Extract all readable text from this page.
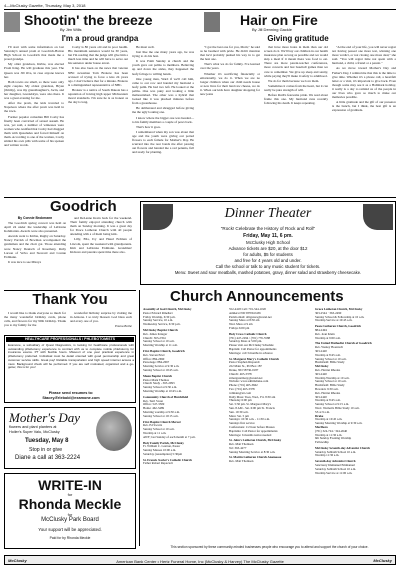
4—McClusky Gazette, Thursday, May 3, 2018
Shootin' the breeze
By Jim Wills
I'm a proud grandpa

I'll start with some information on last Saturday's annual prom at Goodrich-Hatton High School in Goodrich that made me a proud grandpa.

My older grandson, Kirbie, was elected Prom King. He will graduate this year. The Queen was Jill Ova, in case anyone knows her.

Both towns are small, so there were only eight couples. My oldest grandson, Bryan (Jimmy), was my granddaughter's, Jacin, and her daughter, Gwendalyn, were also there. It was a great evening for me.

After the prom, the kids traveled to Napoleon where the after prom was held in the town.

Former popular comedian Bill Cosby has finally been convicted of sexual assault. He was, yet said, a number of witnesses were women who testified that Cosby had drugged them with Quaaludes and forced himself on them. According to one of the women, Cosby smiled his own pills with some of his spoken and written words.

Cosby is 80 years old and in poor health. His maximum sentence would be 30 years, but I'm reading that the judge will give him a much less time and he will have to serve out his sentence under house arrest.

It has also been on the news that veteran NBC newsman Tom Brokaw has been accused of trying to force a kiss 24 years ago. I don't believe that for a minute. Brokaw is a distinguished representative of NBC.

Brokaw is a native of South Dakota has a reputation of having high upper Midwestern moral standards. I'm sure he is as honest as the day is long.

He must well.

Just like me one many years ago, he was trying to do his best.

It was Palm Sunday at church and the youth gave out palms to members. Believing up and down the aisles, they happened the leafy foliage to willing hands.

One young man, Ward if we'll call him, came to our row and handed my husband a leafy palm. He had two left. He looked at the palms. One was puny and looking a little malnourished. The other was a hybrid that looked like it was plucked minutes before from a greenhouse.

He deliberated and shrugged before giving me the ugly looking one.

I know where the bigger one was headed—to his family members a couple of pews back.

That's how it goes.

I remembered when my son was about that age and the youth were giving out potted flowers to each female for Mother's Day. He scurried into the rear bonds me after passing out flowers and handed me a red petunia, full and ready for planting.

Hair on Fire
By Jill Denning Gackle
Giving gratitude

"I got the best one for you, Mom," he said as he beamed with pride. He didn't mention that he'd probably pushed his way in to get the best one.

That's what we do for family. I've learned over the years.

Whether it's sacrificing financially or emotionally, we do it. When we are no longer children when our child needs house or new lives for their land raw cheese, we do it. When our kids have daughter shopping for new jeans

that have more holes in them than our old screen do it. We'll buy our children in our health insurance plan as long as possible and we would skip a meal if it meant there was food to eat. There are more parent-teacher conferences, more concerts and last baseball games than we care to remember. We give up sleep and sanity, while paying they'll make it safely to adulthood.

We do for them because we love them.

Sometimes it comes from the heart, but it can really be pure strength of will.

Before Ruth's fearsome pride. We read about frame this one. My husband runs recently following his death. It keeps repeating.

"At the end of your life, you will never regret not having passed one more test, winning one more verdict, or not closing one more deal," she said. "You will regret time not spent with a husband, a child, a friend or a parent."

As we move toward Mother's Day and Father's Day, I remind me that this is the time to give time. Whether it's a phone call, a heartfelt letter or a visit, it's important to give back. Even though some may see it as a Hallmark holiday, it really is a day to remind us of the people in our lives who gave so much to make our memories possible.

A little gratitude and the gift of our presence is the bunch, but I think, the best gift is an expression of gratitude.

Goodrich
By Connie Brokmann

The Goodrich spring concert was held on April 24 under the leadership of LaDonna Kohmarian. Awards were also presented.

Awards went to Kirbie, Rugby on Saturday. Nancy Parrish of Bowman accompanied the gentleman and the choir got. Those attending were Nancy Deutsch of Rosemary, Ruby Larson of Velva and Steward and Connie Erdmann.

It was nice to see Mireya

and DeLanne Krein back for the weekend. Their family enjoyed attending church with them on Sunday morning. It was a great day for Peace Lutheran Church with all people attending with a of them being kids.

Lilly, Ella, Ivy and Hazel Erdman of Lincoln, spent the weekend with grandparents. Kim and LaDonna Erdmann. Grandmas' Kidsave and parents spent time there also.

Dinner Theater
"Rock! Celebrate the History of Rock and Roll"
Friday, May 11, 6 pm.
McClusky High School
Advance tickets are $20, at the door $12
for adults, $5 for students
and free for 4 years old and under.
Call the school or talk to any music student for tickets.
Menu: Sweet and sour meatballs, mashed potatoes, gravy, dinner salad and strawberry cheesecake.
Thank You

I would like to thank everyone so much for the many wonderful birthday cards, phone calls, and flowers for my 90th birthday. Thank you to my family for the

wonderful birthday surprise by visiting me in Arizona. I so truly blessed. God bless each and every one of you.

Emma Bothe
HEALTHCARE PROFESSIONALS / PHLEBOTOMISTS
Examone, a subsidiary of Quest Diagnostics, is looking for healthcare professionals with outstanding phlebotomy experience to contract with us to complete mobile phlebotomy for insurance exams. PT with flexible hours. Missouri of one year practical experience in phlebotomy preferred. Individual must be detail oriented with good penmanship and great customer service skills. Great pay! Reliable transportation and high speed internet access a must. Background check will be performed. If you are self motivated, organized and a go-getter, this is for you!
Please send resumes to:
Stacey.Erlebold@examone.com
Mother's Day
flowers and plant planters at
Hoiler's Super Valu, McClusky
Tuesday, May 8
Stop in or give
Diane a call at 363-2224
WRITE-IN
for
Rhonda Meckle
for
McClusky Park Board
Your support will be appreciated.
Paid for by Rhonda Meckle
Church Announcements
Assembly of God Church, McClusky
Pastor Edward Rinehart
Friday Worship, 6:30 p.m.
Sunday Service, 10 a.m.
Wednesday Service, 6:30 p.m.
McClusky Baptist Church
Rev. James Krieger
Church: 363-2354
Sunday School at 10 a.m.
Morning Worship at 11 a.m.
First Baptist Church, Goodrich
Rev. Steven Ertel
Office: 884-2690
Parsonage: 884-2667
Morning Service at 9:30 a.m.
Sunday School at 10:45 a.m.
Mann Baptist Church
Pastor Mark Thomas
Church Study - 363-2993
Sunday School at 9:30 a.m.
Morning Worship at 10:45 a.m.
Community Church of Hurdsfield
Rev. Terri Swan
Office: 547-3309
Home: 462-3489
Morning worship at 9:30 a.m.
Sunday School at 10:15 a.m.
First Baptist Church Mercer
Rev. Ed Swartz
Sunday School at 10 a.m.
Worship at 11 a.m.
AWF; last Sunday of each month at 7 p.m.
Holy Family Parish, McClusky
Fr. William C. Gratton, Pastor
Sunday Masses 10:00 a.m.
Saturday (Assumption) 5:30pm
St. Francis Xavier's Catholic Church
Father Robert Rapacioli
552-4418 Cell: 701-544-1020
Amherst ND 58709-0436
Parish email: alligators@restel.net
Sunday Mass at 8:30 am
Wed. Mass at 9 am
Fridays 6:00 pm
Holy Cross Catholic Church
(701) 447-2294 / (701) 776-5588
Saturday Mass at 5:00 pm.
Please visit our McClusky Schedule
Baptism: Call Pastor for appointments
Marriage: call 3 months in advance
St. Margaret Mary's Catholic Church
Pastor Stephen Rispondi
222 Main St., PO Box 187
Drake, ND 58736-0187
Church: 465-3378
stmargaretmary@restel.net
Website: www.sdmmdrake.com
Phone: (701) 465-3662
Fax: (701) 465-3378
tcdmain@srt.com
Daily Mass: Tues, Wed., Fri. 8:30 am
Thursday 6:00 pm
Sat. 5:30 pm. St. Margaret Mary's
Sun. 8 AM - Sat. 6:00 pm St. Francis
Sun. 10:30 a.m.
Mass: Sat. 5 pm
Sundays: 10:30 a.m. - 11:30 a.m.
Sundays first service
Confessions: 1/2 hour before Masses
Baptisms: Call Pastor for appointments
Marriage: 6 months notice needed
St. John's Lutheran Church, McClusky
Rev. Matt Thomsen
Tel: 363-4277
Sunday Morning Service at 8:30 a.m.
St. Martin Lutheran Church Anamoose
Rev. Matt Thomsen
Grace Lutheran Church, McClusky
363-2544 · 363-2490
Sunday School & Fellowship at 10 a.m.
Worship Service at 10:45 a.m.
Peace Lutheran Church, Goodrich
884-2494
Rev. Joan Klein
Worship at 9:00 a.m.
The United Methodist Church of Goodrich
Rev. Wesley Hoenrsch
363-2420
Worship at 8:45 a.m.
Sunday School at 10 a.m.
Hurdsfield: Bible Study
McClusky
Rev. Harriet Rhodes
363-2420
Worship Worship at 10 a.m.
Sunday School at 10 a.m.
Hurdsfield: Bible Study
Bowdon: 9:30 a.m.
Rev. Harriet Rhodes
363-2420
Worship at 8:45 a.m.
Sunday School at 9:15 a.m.
Wed.: Women's Bible Study 10 a.m.
SS at 9 a.m.
Drake
Worship at 10:45 a.m.
Sunday Morning Worship at 9:30 a.m.
Marlboro
(701) 324-724 / 324-2640
Worship at 11:30 a.m.
6th Sunday Evening Worship
Fellowship
McClusky Seventh-day Adventist Church
Saturday Sabbath School 10 a.m.
Worship 11:30 a.m.
Seventh-day Adventist Church
Sanctuary Immanuel Emmanuel
Saturday Sabbath School 10 a.m.
Worship Service at 11:00 a.m.
This section sponsored by these community-minded businesses people who encourage you to attend and support the church of your choice.
McClusky	American Bank Center • Hertz Funeral Home, Inc (McClusky & Harvey) The McClusky Gazette	McClusky
